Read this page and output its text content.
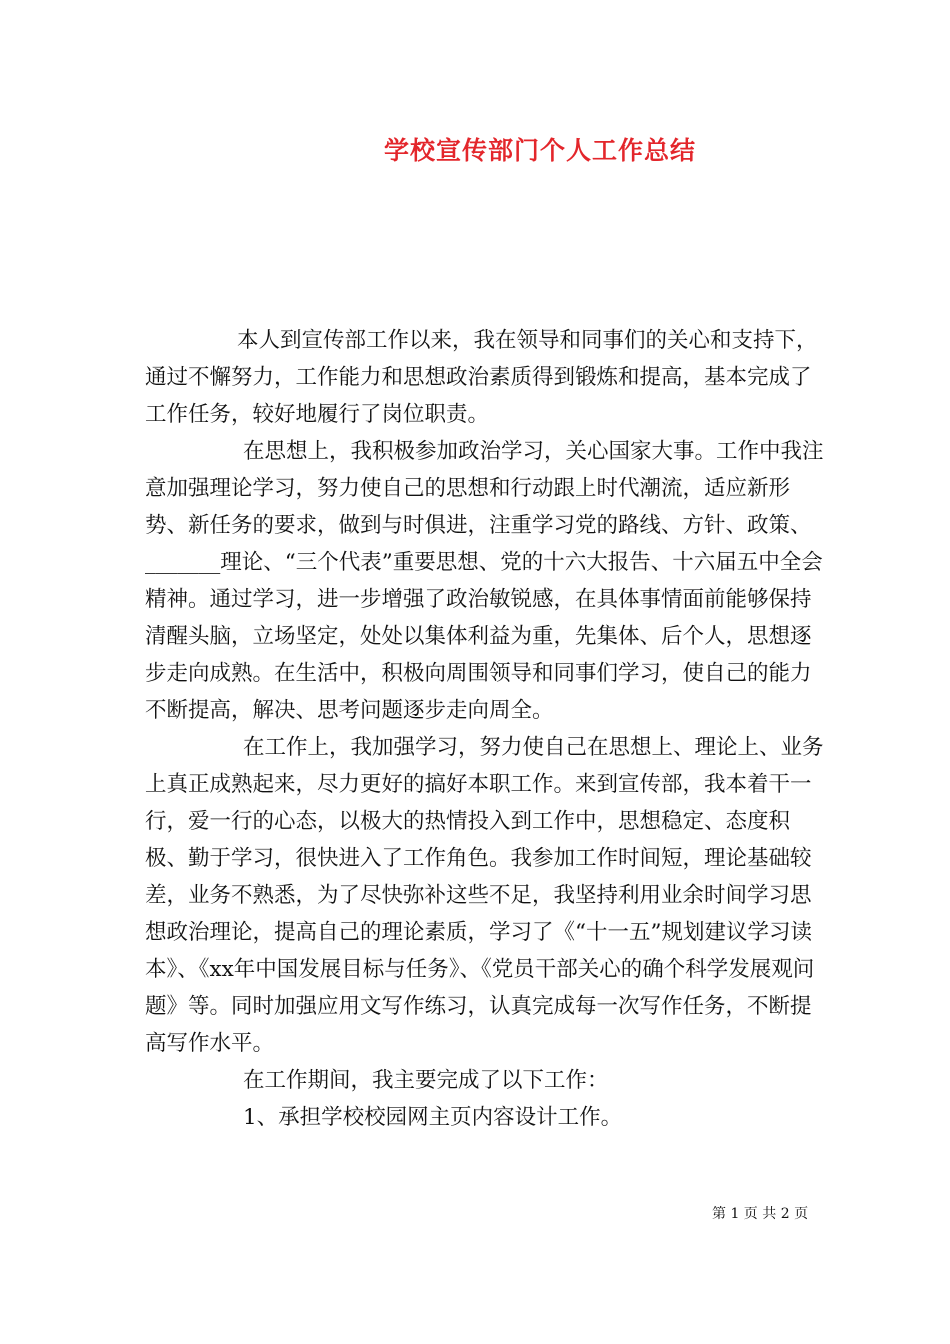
学校宣传部门个人工作总结

本人到宣传部工作以来，我在领导和同事们的关心和支持下，通过不懈努力，工作能力和思想政治素质得到锻炼和提高，基本完成了工作任务，较好地履行了岗位职责。

在思想上，我积极参加政治学习，关心国家大事。工作中我注意加强理论学习，努力使自己的思想和行动跟上时代潮流，适应新形势、新任务的要求，做到与时俱进，注重学习党的路线、方针、政策、_______理论、“三个代表”重要思想、党的十六大报告、十六届五中全会精神。通过学习，进一步增强了政治敏锐感，在具体事情面前能够保持清醒头脑，立场坚定，处处以集体利益为重，先集体、后个人，思想逐步走向成熟。在生活中，积极向周围领导和同事们学习，使自己的能力不断提高，解决、思考问题逐步走向周全。

在工作上，我加强学习，努力使自己在思想上、理论上、业务上真正成熟起来，尽力更好的搞好本职工作。来到宣传部，我本着干一行，爱一行的心态，以极大的热情投入到工作中，思想稳定、态度积极、勤于学习，很快进入了工作角色。我参加工作时间短，理论基础较差，业务不熟悉，为了尽快弥补这些不足，我坚持利用业余时间学习思想政治理论，提高自己的理论素质，学习了《“十一五”规划建议学习读本》、《xx年中国发展目标与任务》、《党员干部关心的确个科学发展观问题》等。同时加强应用文写作练习，认真完成每一次写作任务，不断提高写作水平。

在工作期间，我主要完成了以下工作：

1、承担学校校园网主页内容设计工作。

第 1 页 共 2 页
